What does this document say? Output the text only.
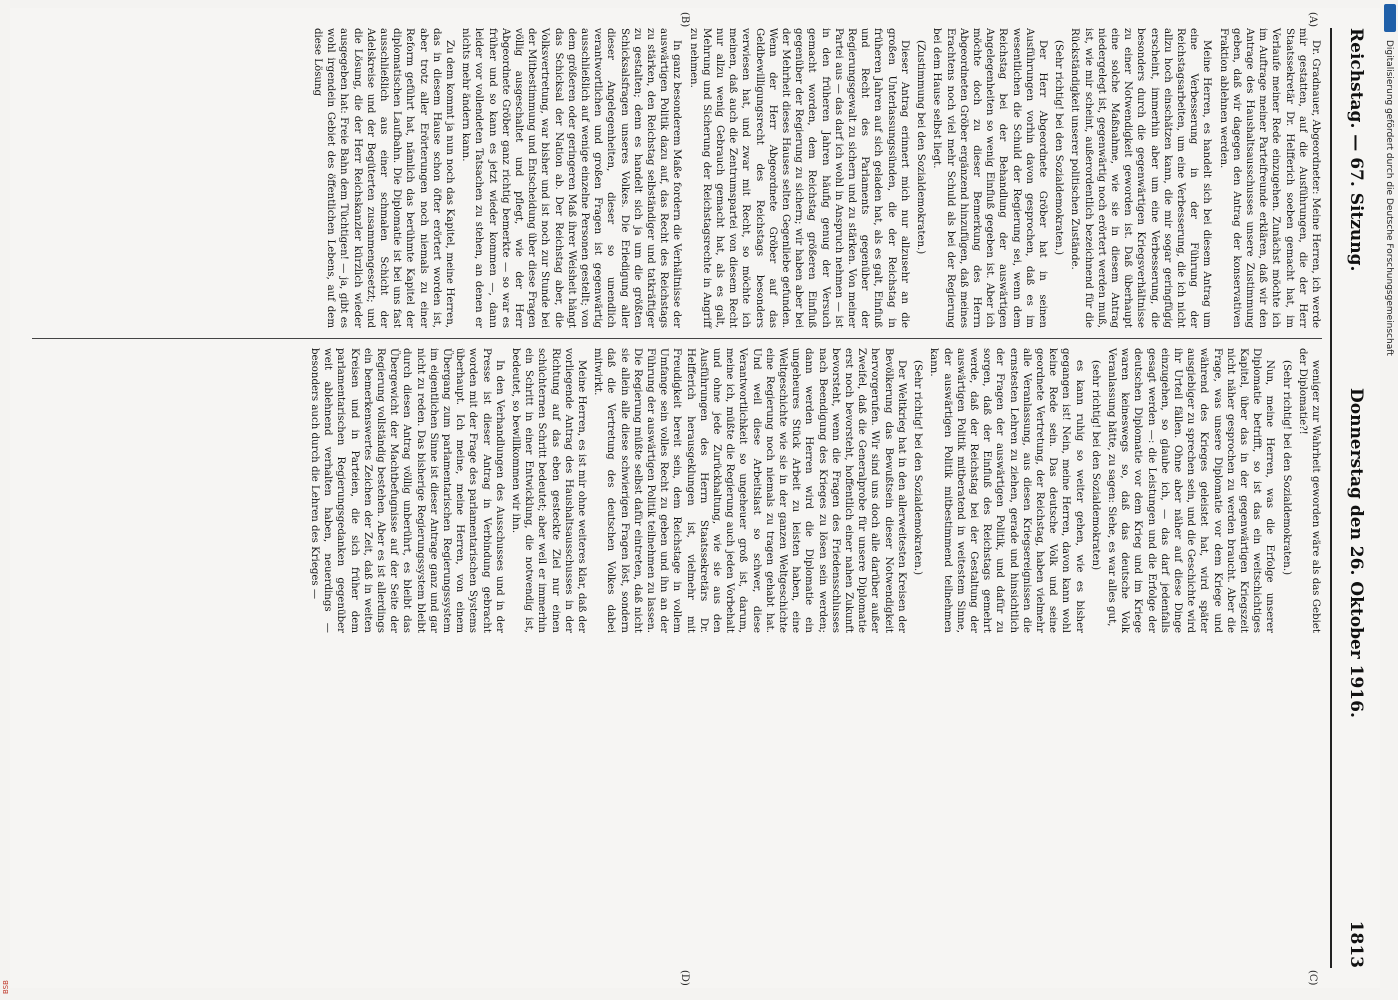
Reichstag. — 67. Sitzung.
Donnerstag den 26. Oktober 1916.
1813
(A)
(B)

Dr. Gradnauer, Abgeordneter: Meine Herren, ich werde mir gestatten, auf die Ausführungen, die der Herr Staatssekretär Dr. Helfferich soeben gemacht hat, im Verlaufe meiner Rede einzugehen. Zunächst möchte ich im Auftrage meiner Parteifreunde erklären, daß wir den Antrage des Haushaltsausschusses unsere Zustimmung geben, daß wir dagegen den Antrag der konservativen Fraktion ablehnen werden.

Meine Herren, es handelt sich bei diesem Antrag um eine Verbesserung in der Führung der Reichstagsarbeiten, um eine Verbesserung, die ich nicht allzu hoch einschätzen kann, die mir sogar geringfügig erscheint, immerhin aber um eine Verbesserung, die besonders durch die gegenwärtigen Kriegsverhältnisse zu einer Notwendigkeit geworden ist. Daß überhaupt eine solche Maßnahme, wie sie in diesem Antrag niedergelegt ist, gegenwärtig noch erörtert werden muß, ist, wie mir scheint, außerordentlich bezeichnend für die Rückständigkeit unserer politischen Zustände.

(Sehr richtig! bei den Sozialdemokraten.)

Der Herr Abgeordnete Gröber hat in seinen Ausführungen vorhin davon gesprochen, daß es im wesentlichen die Schuld der Regierung sei, wenn dem Reichstag bei der Behandlung der auswärtigen Angelegenheiten so wenig Einfluß gegeben ist. Aber ich möchte doch zu dieser Bemerkung des Herrn Abgeordneten Gröber ergänzend hinzufügen, daß meines Erachtens noch viel mehr Schuld als bei der Regierung bei dem Hause selbst liegt.

(Zustimmung bei den Sozialdemokraten.)

Dieser Antrag erinnert mich nur allzusehr an die großen Unterlassungssünden, die der Reichstag in früheren Jahren auf sich geladen hat, als es galt, Einfluß und Recht des Parlaments gegenüber der Regierungsgewalt zu sichern und zu stärken. Von meiner Partei aus — das darf ich wohl in Anspruch nehmen — ist in den früheren Jahren häufig genug der Versuch gemacht worden, dem Reichstag größeren Einfluß gegenüber der Regierung zu sichern; wir haben aber bei der Mehrheit dieses Hauses selten Gegenliebe gefunden. Wenn der Herr Abgeordnete Gröber auf das Geldbewilligungsrecht des Reichstags besonders verwiesen hat, und zwar mit Recht, so möchte ich meinen, daß auch die Zentrumspartei von diesem Recht nur allzu wenig Gebrauch gemacht hat, als es galt, Mehrung und Sicherung der Reichstagsrechte in Angriff zu nehmen.

In ganz besonderem Maße fordern die Verhältnisse der auswärtigen Politik dazu auf, das Recht des Reichstags zu stärken, den Reichstag selbständiger und tatkräftiger zu gestalten; denn es handelt sich ja um die größten Schicksalsfragen unseres Volkes. Die Erledigung aller dieser Angelegenheiten, dieser so unendlich verantwortlichen und großen Fragen ist gegenwärtig ausschließlich auf wenige einzelne Personen gestellt; von dem größeren oder geringeren Maß ihrer Weisheit hängt das Schicksal der Nation ab. Der Reichstag aber, die Volksvertretung, war bisher und ist noch zur Stunde bei der Mitbestimmung und Entscheidung über diese Fragen völlig ausgeschaltet und pflegt, wie der Herr Abgeordnete Gröber ganz richtig bemerkte — so war es früher und so kann es jetzt wieder kommen —, dann leider vor vollendeten Tatsachen zu stehen, an denen er nichts mehr ändern kann.

Zu dem kommt ja nun noch das Kapitel, meine Herren, das in diesem Hause schon öfter erörtert worden ist, aber trotz aller Erörterungen noch niemals zu einer Reform geführt hat, nämlich das berühmte Kapitel der diplomatischen Laufbahn. Die Diplomatie ist bei uns fast ausschließlich aus einer schmalen Schicht der Adelskreise und der Begüterten zusammengesetzt; und die Lösung, die der Herr Reichskanzler kürzlich wieder ausgegeben hat: Freie Bahn dem Tüchtigen! — ja, gibt es wohl irgendein Gebiet des öffentlichen Lebens, auf dem diese Lösung

weniger zur Wahrheit geworden wäre als das Gebiet der Diplomatie?!

(Sehr richtig! bei den Sozialdemokraten.)

Nun, meine Herren, was die Erfolge unserer Diplomatie betrifft, so ist das ein weitschichtiges Kapitel, über das in der gegenwärtigen Kriegszeit nicht näher gesprochen zu werden braucht. Aber die Frage, was unsere Diplomatie vor dem Kriege und während des Krieges geleistet hat, wird später ausgiebiger zu sprechen sein, und die Geschichte wird ihr Urteil fällen. Ohne aber näher auf diese Dinge einzugehen, so glaube ich, — das darf jedenfalls gesagt werden —: die Leistungen und die Erfolge der deutschen Diplomatie vor dem Krieg und im Kriege waren keineswegs so, daß das deutsche Volk Veranlassung hätte, zu sagen: Siehe, es war alles gut,

(sehr richtig! bei den Sozialdemokraten)

es kann ruhig so weiter gehen, wie es bisher gegangen ist! Nein, meine Herren, davon kann wohl keine Rede sein. Das deutsche Volk und seine geordnete Vertretung, der Reichstag, haben vielmehr alle Veranlassung, aus diesen Kriegsereignissen die ernstesten Lehren zu ziehen, gerade und hinsichtlich der Fragen der auswärtigen Politik, und dafür zu sorgen, daß der Einfluß des Reichstags gemehrt werde, daß der Reichstag bei der Gestaltung der auswärtigen Politik mitberatend in weitestem Sinne, der auswärtigen Politik mitbestimmend teilnehmen kann.

(Sehr richtig! bei den Sozialdemokraten.)

Der Weltkrieg hat in den allerweitesten Kreisen der Bevölkerung das Bewußtsein dieser Notwendigkeit hervorgerufen. Wir sind uns doch alle darüber außer Zweifel, daß die Generalprobe für unsere Diplomatie erst noch bevorsteht, hoffentlich einer nahen Zukunft bevorsteht, wenn die Fragen des Friedensschlusses nach Beendigung des Krieges zu lösen sein werden; dann werden Herren wird die Diplomatie ein ungeheures Stück Arbeit zu leisten haben, eine Weltgeschichte wie sie in der ganzen Weltgeschichte eine Regierung noch niemals zu tragen gehabt hat. Und weil diese Arbeitslast so schwer, diese Verantwortlichkeit so ungeheuer groß ist, darum, meine ich, müßte die Regierung auch jeden Vorbehalt und ohne jede Zurückhaltung, wie sie aus den Ausführungen des Herrn Staatssekretärs Dr. Helfferich herausgeklungen ist, vielmehr mit Freudigkeit bereit sein, dem Reichstage in vollem Umfange sein volles Recht zu geben und ihn an der Führung der auswärtigen Politik teilnehmen zu lassen. Die Regierung müßte selbst dafür eintreten, daß nicht sie allein alle diese schwierigen Fragen löst, sondern daß die Vertretung des deutschen Volkes dabei mitwirkt.

Meine Herren, es ist mir ohne weiteres klar, daß der vorliegende Antrag des Haushaltsausschusses in der Richtung auf das eben gesteckte Ziel nur einen schüchternen Schritt bedeutet; aber weil er immerhin ein Schritt in einer Entwicklung, die notwendig ist, bedeutet, so bewillkommen wir ihn.

In den Verhandlungen des Ausschusses und in der Presse ist dieser Antrag in Verbindung gebracht worden mit der Frage des parlamentarischen Systems überhaupt. Ich meine, meine Herren, von einem Übergang zum parlamentarischen Regierungssystem im eigentlichen Sinne ist dieser Antrage ganz und gar nicht zu reden. Das bisherige Regierungssystem bleibt durch diesen Antrag völlig unberührt, es bleibt das Übergewicht der Machtbefugnisse auf der Seite der Regierung vollständig bestehen. Aber es ist allerdings ein bemerkenswertes Zeichen der Zeit, daß in weiten Kreisen und in Parteien, die sich früher dem parlamentarischen Regierungsgedanken gegenüber weit ablehnend verhalten haben, neuerdings — besonders auch durch die Lehren des Krieges —

(C)
(D)
Digitalisierung gefördert durch die Deutsche Forschungsgemeinschaft
BSB
